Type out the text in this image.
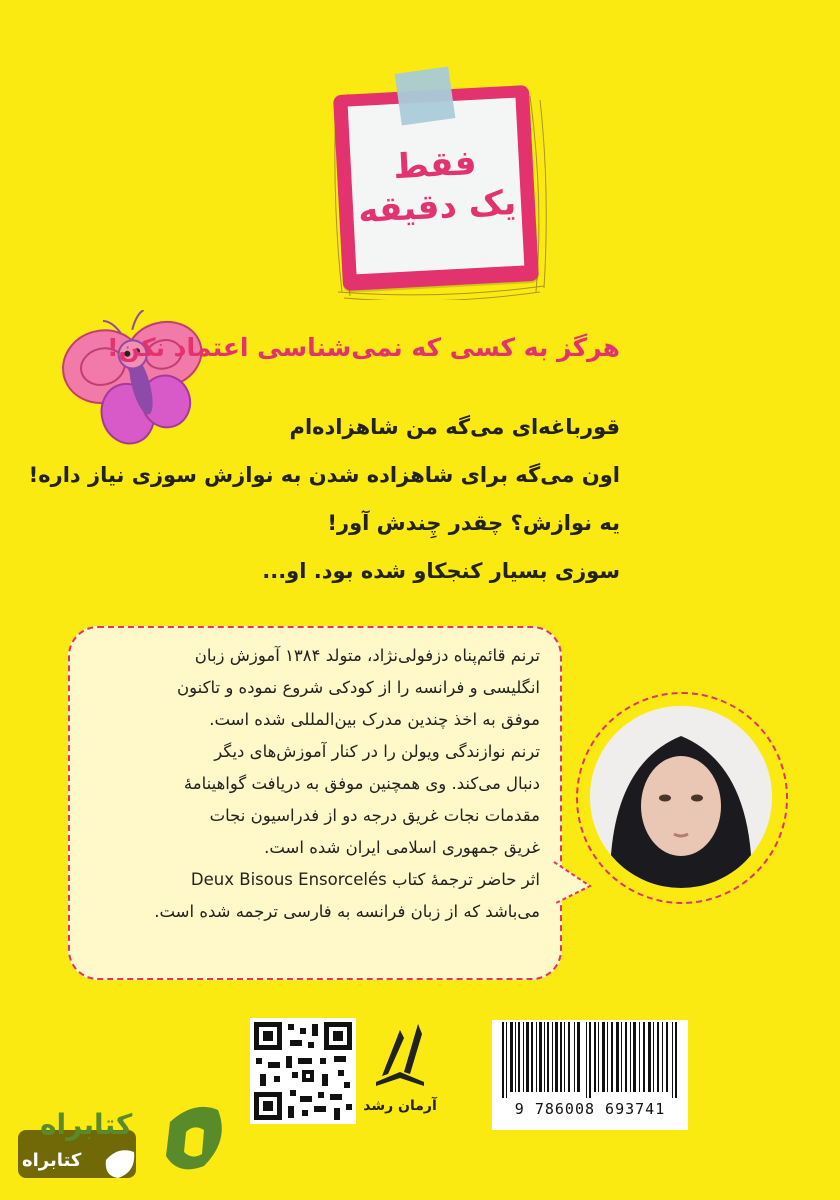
فقط
یک دقیقه
هرگز به کسی که نمی‌شناسی اعتماد نکن!
قورباغه‌ای می‌گه من شاهزاده‌ام
اون می‌گه برای شاهزاده شدن به نوازش سوزی نیاز داره!
یه نوازش؟ چقدر چِندش آور!
سوزی بسیار کنجکاو شده بود. او...
ترنم قائم‌پناه دزفولی‌نژاد، متولد ۱۳۸۴ آموزش زبان
انگلیسی و فرانسه را از کودکی شروع نموده و تاکنون
موفق به اخذ چندین مدرک بین‌المللی شده است.
ترنم نوازندگی ویولن را در کنار آموزش‌های دیگر
دنبال می‌کند. وی همچنین موفق به دریافت گواهینامۀ
مقدمات نجات غریق درجه دو از فدراسیون نجات
غریق جمهوری اسلامی ایران شده است.
اثر حاضر ترجمۀ کتاب Deux Bisous Ensorcelés
می‌باشد که از زبان فرانسه به فارسی ترجمه شده است.
آرمان رشد	9 786008 693741
کتابراه
کتابراه
